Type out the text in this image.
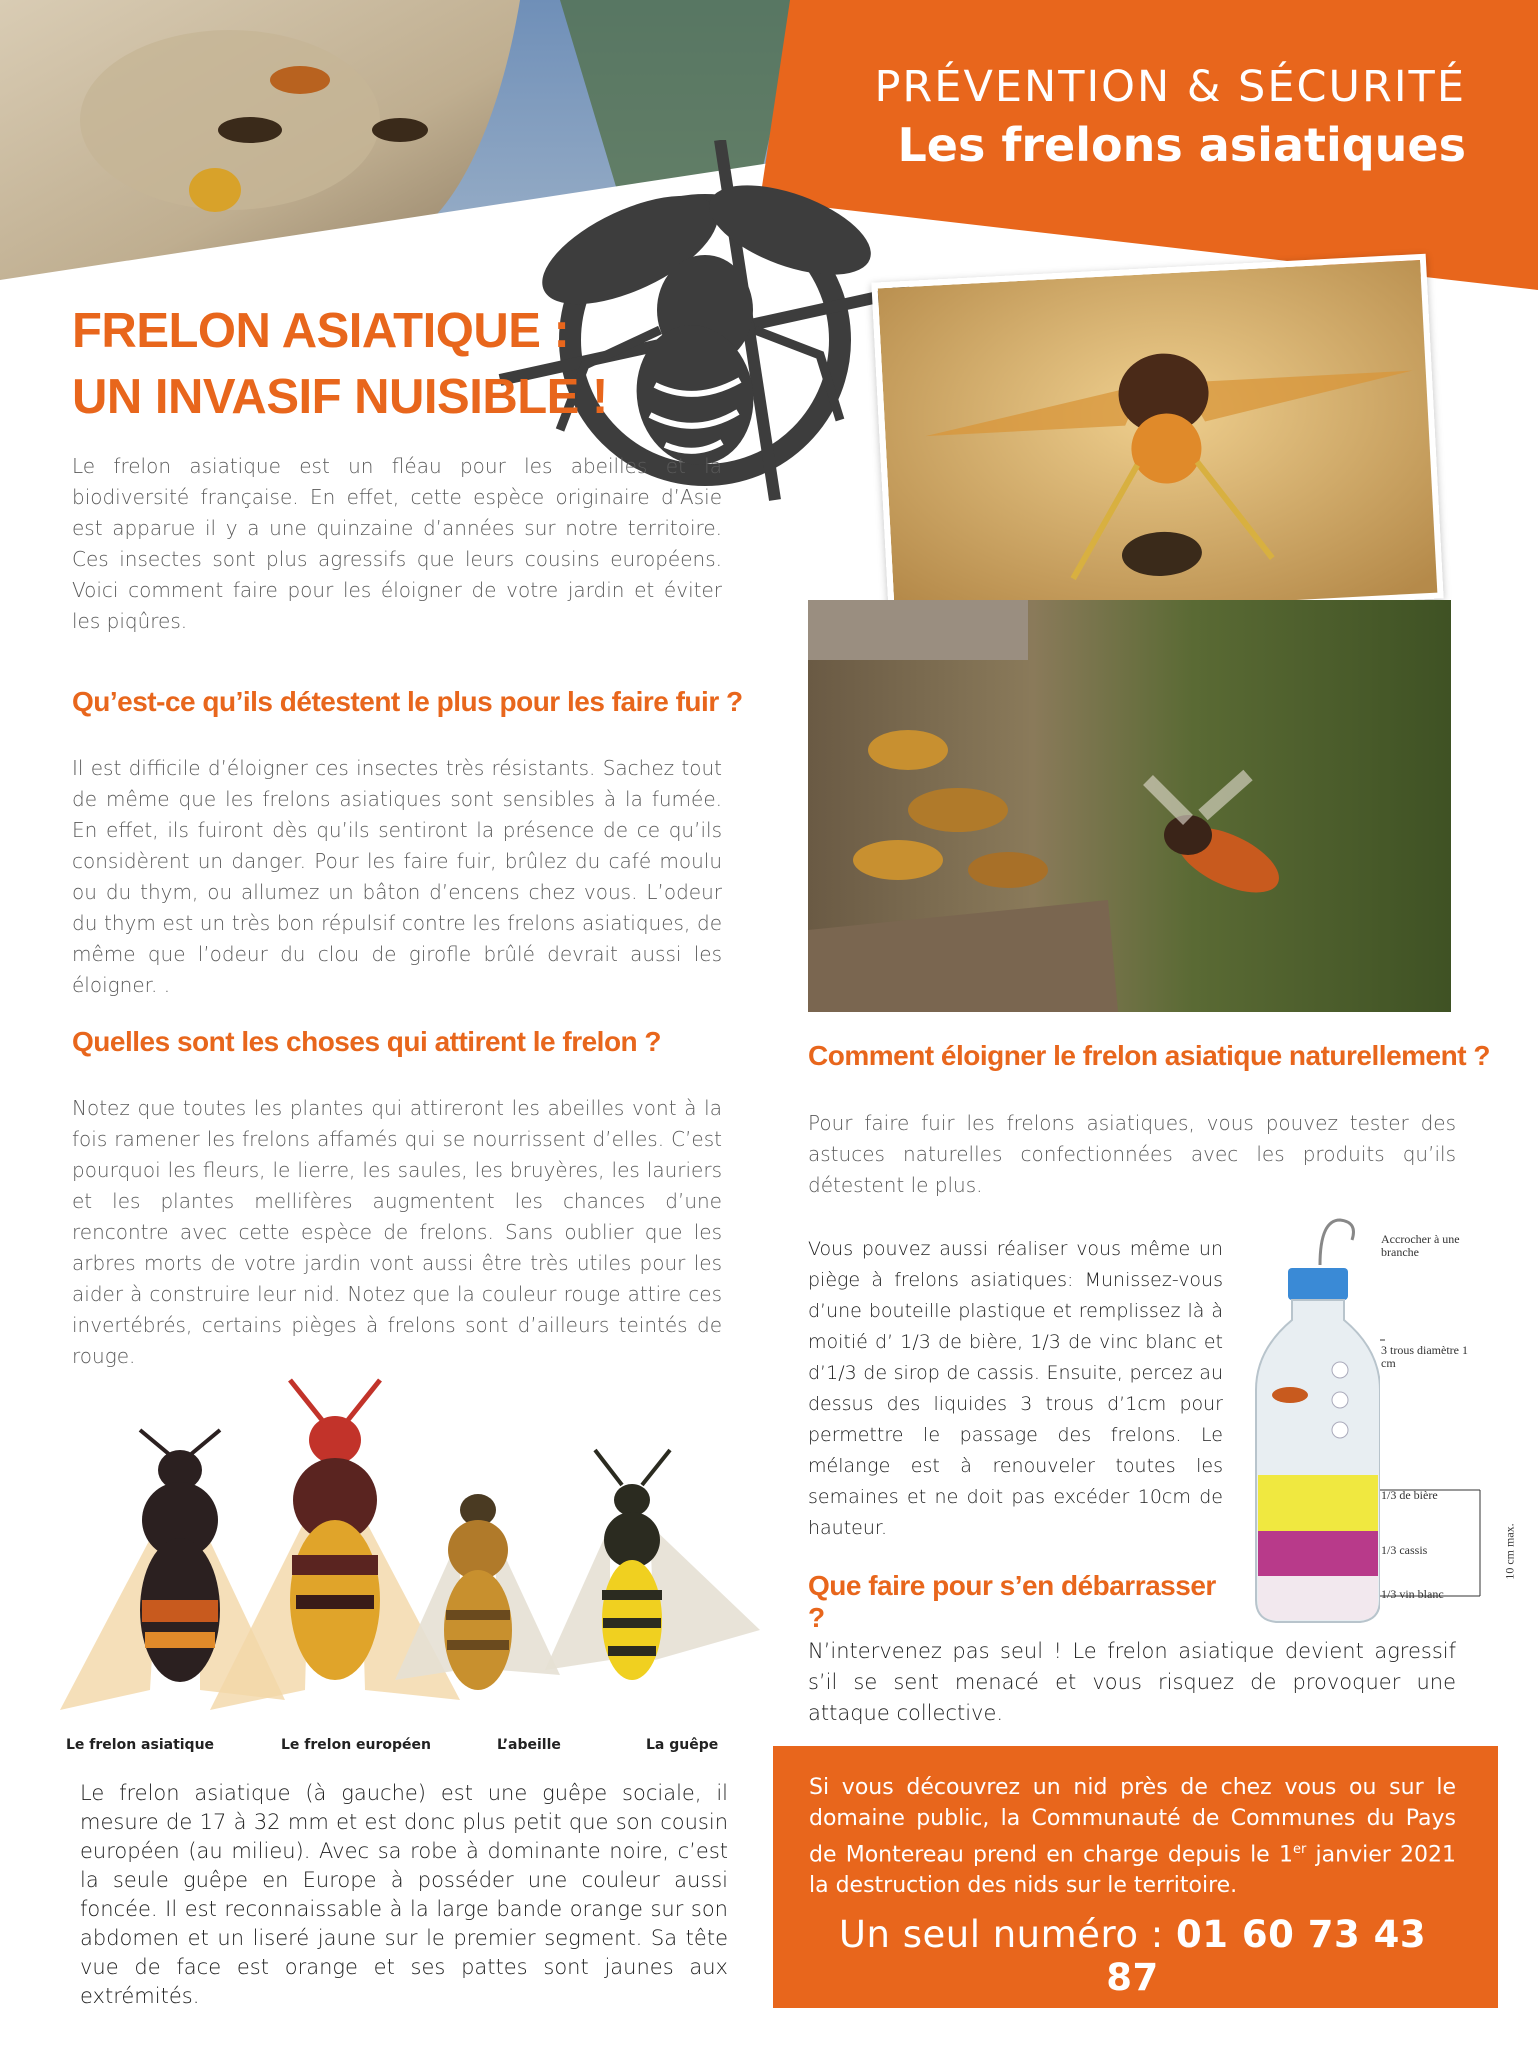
PRÉVENTION & SÉCURITÉ
Les frelons asiatiques
FRELON ASIATIQUE :
UN INVASIF NUISIBLE !

Le frelon asiatique est un fléau pour les abeilles et la biodiversité française. En effet, cette espèce originaire d’Asie est apparue il y a une quinzaine d’années sur notre territoire. Ces insectes sont plus agressifs que leurs cousins européens. Voici comment faire pour les éloigner de votre jardin et éviter les piqûres.

Qu’est-ce qu’ils détestent le plus pour les faire fuir ?

Il est difficile d’éloigner ces insectes très résistants. Sachez tout de même que les frelons asiatiques sont sensibles à la fumée. En effet, ils fuiront dès qu’ils sentiront la présence de ce qu’ils considèrent un danger. Pour les faire fuir, brûlez du café moulu ou du thym, ou allumez un bâton d’encens chez vous. L’odeur du thym est un très bon répulsif contre les frelons asiatiques, de même que l’odeur du clou de girofle brûlé devrait aussi les éloigner. .

Quelles sont les choses qui attirent le frelon ?

Notez que toutes les plantes qui attireront les abeilles vont à la fois ramener les frelons affamés qui se nourrissent d’elles. C’est pourquoi les fleurs, le lierre, les saules, les bruyères, les lauriers et les plantes mellifères augmentent les chances d’une rencontre avec cette espèce de frelons. Sans oublier que les arbres morts de votre jardin vont aussi être très utiles pour les aider à construire leur nid. Notez que la couleur rouge attire ces invertébrés, certains pièges à frelons sont d’ailleurs teintés de rouge.

Le frelon asiatique	Le frelon européen	L’abeille	La guêpe

Le frelon asiatique (à gauche) est une guêpe sociale, il mesure de 17 à 32 mm et est donc plus petit que son cousin européen (au milieu). Avec sa robe à dominante noire, c’est la seule guêpe en Europe à posséder une couleur aussi foncée. Il est reconnaissable à la large bande orange sur son abdomen et un liseré jaune sur le premier segment. Sa tête vue de face est orange et ses pattes sont jaunes aux extrémités.

Comment éloigner le frelon asiatique naturellement ?

Pour faire fuir les frelons asiatiques, vous pouvez tester des astuces naturelles confectionnées avec les produits qu’ils détestent le plus.

Vous pouvez aussi réaliser vous même un piège à frelons asiatiques: Munissez-vous d’une bouteille plastique et remplissez là à moitié d’ 1/3 de bière, 1/3 de vinc blanc et d’1/3 de sirop de cassis. Ensuite, percez au dessus des liquides 3 trous d’1cm pour permettre le passage des frelons. Le mélange est à renouveler toutes les semaines et ne doit pas excéder 10cm de hauteur.

Accrocher à une branche
3 trous diamètre 1 cm
1/3 de bière
1/3 cassis
1/3 vin blanc
10 cm max.
Que faire pour s’en débarrasser ?

N’intervenez pas seul ! Le frelon asiatique devient agressif s’il se sent menacé et vous risquez de provoquer une attaque collective.

Si vous découvrez un nid près de chez vous ou sur le domaine public, la Communauté de Communes du Pays de Montereau prend en charge depuis le 1er janvier 2021 la destruction des nids sur le territoire.

Un seul numéro : 01 60 73 43 87
